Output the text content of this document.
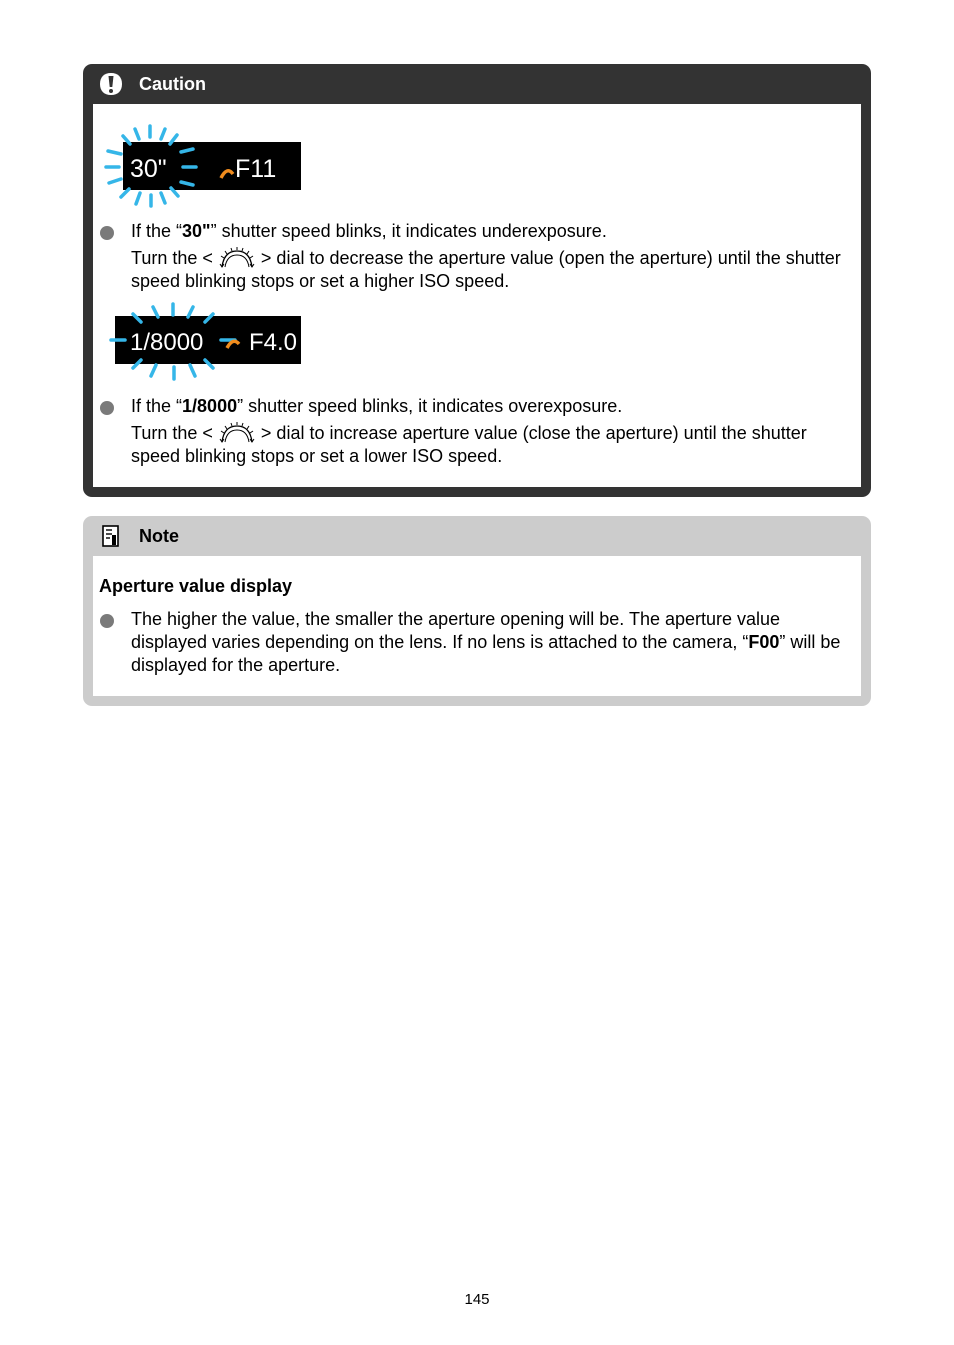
Caution
30"	F11
If the “30"” shutter speed blinks, it indicates underexposure.
Turn the <	> dial to decrease the aperture value (open the aperture) until the shutter speed blinking stops or set a higher ISO speed.
1/8000 F4.0
If the “1/8000” shutter speed blinks, it indicates overexposure.
Turn the <	> dial to increase aperture value (close the aperture) until the shutter speed blinking stops or set a lower ISO speed.
Note
Aperture value display
The higher the value, the smaller the aperture opening will be. The aperture value displayed varies depending on the lens. If no lens is attached to the camera, “F00” will be displayed for the aperture.
145
